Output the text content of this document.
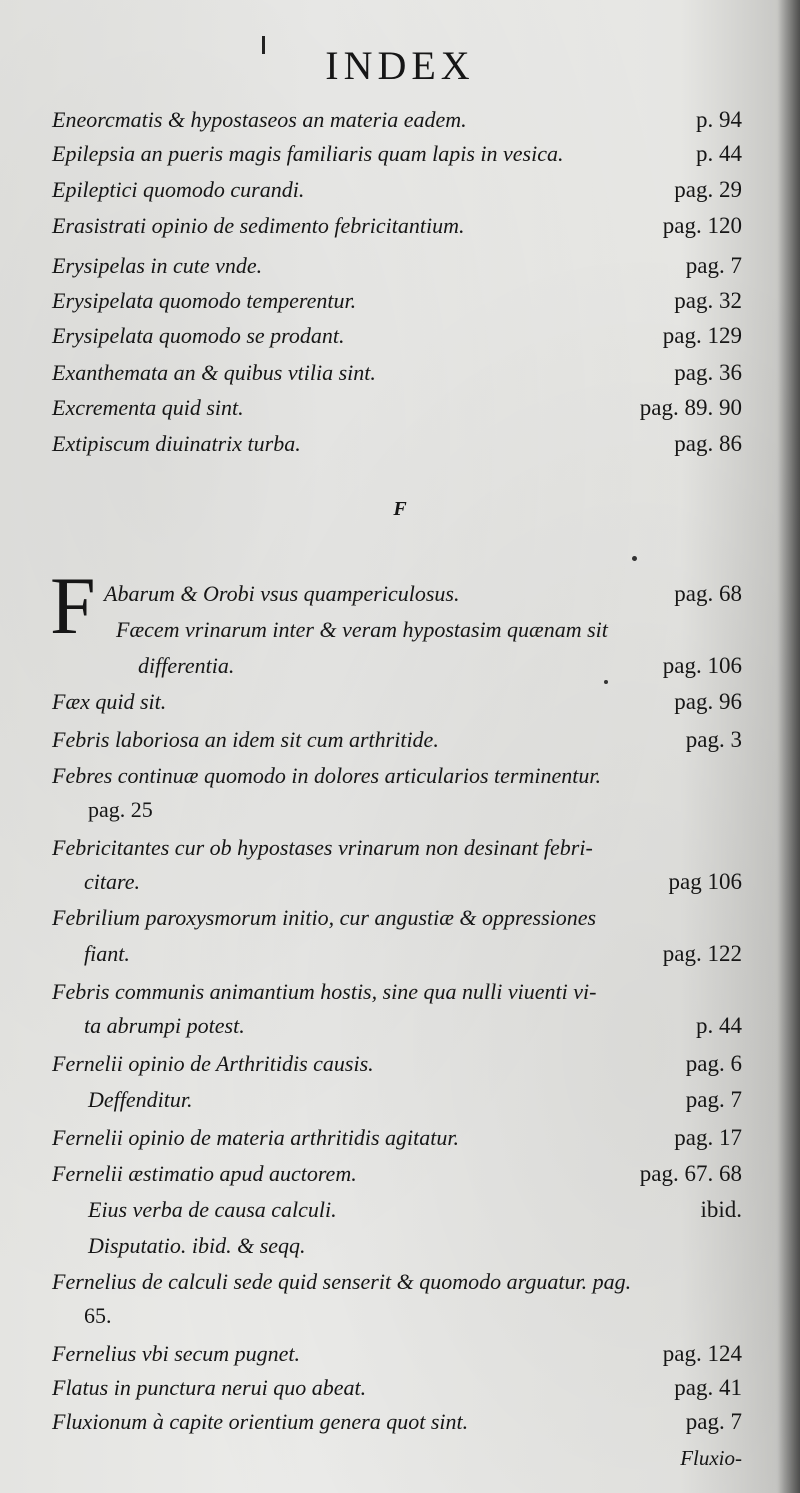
INDEX
Eneorcmatis & hypostaseos an materia eadem.	p. 94
Epilepsia an pueris magis familiaris quam lapis in vesica.	p. 44
Epileptici quomodo curandi.	pag. 29
Erasistrati opinio de sedimento febricitantium.	pag. 120
Erysipelas in cute vnde.	pag. 7
Erysipelata quomodo temperentur.	pag. 32
Erysipelata quomodo se prodant.	pag. 129
Exanthemata an & quibus vtilia sint.	pag. 36
Excrementa quid sint.	pag. 89. 90
Extipiscum diuinatrix turba.	pag. 86
F
F Abarum & Orobi vsus quampericulosus.	pag. 68
Fæcem vrinarum inter & veram hypostasim quænam sit
differentia.	pag. 106
Fæx quid sit.	pag. 96
Febris laboriosa an idem sit cum arthritide.	pag. 3
Febres continuæ quomodo in dolores articularios terminentur.
pag. 25
Febricitantes cur ob hypostases vrinarum non desinant febri-
citare.	pag 106
Febrilium paroxysmorum initio, cur angustiæ & oppressiones
fiant.	pag. 122
Febris communis animantium hostis, sine qua nulli viuenti vi-
ta abrumpi potest.	p. 44
Fernelii opinio de Arthritidis causis.	pag. 6
Deffenditur.	pag. 7
Fernelii opinio de materia arthritidis agitatur.	pag. 17
Fernelii æstimatio apud auctorem.	pag. 67. 68
Eius verba de causa calculi.	ibid.
Disputatio. ibid. & seqq.
Fernelius de calculi sede quid senserit & quomodo arguatur. pag.
65.
Fernelius vbi secum pugnet.	pag. 124
Flatus in punctura nerui quo abeat.	pag. 41
Fluxionum à capite orientium genera quot sint.	pag. 7
Fluxio-
